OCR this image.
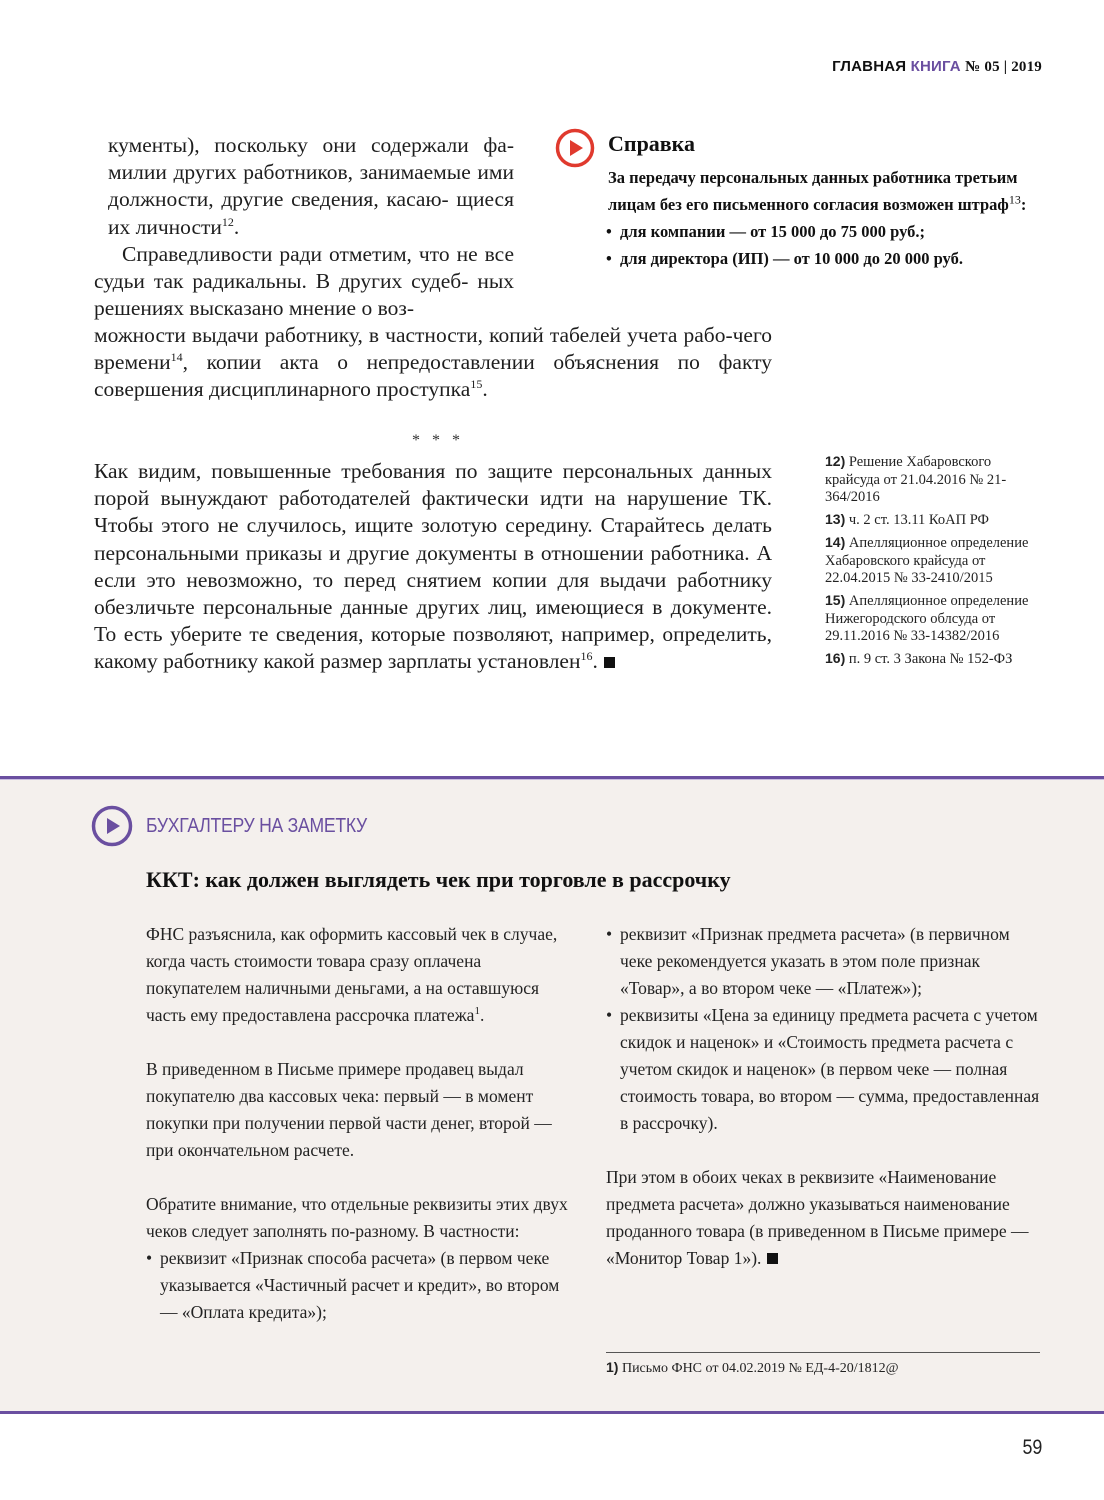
ГЛАВНАЯ КНИГА № 05 | 2019

кументы), поскольку они содержали фа- милии других работников, занимаемые ими должности, другие сведения, касаю- щиеся их личности$^{12}$.

Справедливости ради отметим, что не все судьи так радикальны. В других судеб- ных решениях высказано мнение о воз-

можности выдачи работнику, в частности, копий табелей учета рабо-чего времени$^{14}$, копии акта о непредоставлении объяснения по факту совершения дисциплинарного проступка$^{15}$.
* * *
Как видим, повышенные требования по защите персональных данных порой вынуждают работодателей фактически идти на нарушение ТК. Чтобы этого не случилось, ищите золотую середину. Старайтесь делать персональными приказы и другие документы в отношении работника. А если это невозможно, то перед снятием копии для выдачи работнику обезличьте персональные данные других лиц, имеющиеся в документе. То есть уберите те сведения, которые позволяют, например, определить, какому работнику какой размер зарплаты установлен$^{16}$.
Справка
За передачу персональных данных работника третьим лицам без его письменного согласия возможен штраф$^{13}$:
• для компании — от 15 000 до 75 000 руб.;
• для директора (ИП) — от 10 000 до 20 000 руб.
12) Решение Хабаровского крайсуда от 21.04.2016 № 21-364/2016
13) ч. 2 ст. 13.11 КоАП РФ
14) Апелляционное определение Хабаровского крайсуда от 22.04.2015 № 33-2410/2015
15) Апелляционное определение Нижегородского облсуда от 29.11.2016 № 33-14382/2016
16) п. 9 ст. 3 Закона № 152-ФЗ
БУХГАЛТЕРУ НА ЗАМЕТКУ
ККТ: как должен выглядеть чек при торговле в рассрочку

ФНС разъяснила, как оформить кассовый чек в случае, когда часть стоимости товара сразу оплачена покупателем наличными деньгами, а на оставшуюся часть ему предоставлена рассрочка платежа$^1$.

В приведенном в Письме примере продавец выдал покупателю два кассовых чека: первый — в момент покупки при получении первой части денег, второй — при окончательном расчете.

Обратите внимание, что отдельные реквизиты этих двух чеков следует заполнять по-разному. В частности:

• реквизит «Признак способа расчета» (в первом чеке указывается «Частичный расчет и кредит», во втором — «Оплата кредита»);
• реквизит «Признак предмета расчета» (в первичном чеке рекомендуется указать в этом поле признак «Товар», а во втором чеке — «Платеж»);
• реквизиты «Цена за единицу предмета расчета с учетом скидок и наценок» и «Стоимость предмета расчета с учетом скидок и наценок» (в первом чеке — полная стоимость товара, во втором — сумма, предоставленная в рассрочку).

При этом в обоих чеках в реквизите «Наименование предмета расчета» должно указываться наименование проданного товара (в приведенном в Письме примере — «Монитор Товар 1»).

1) Письмо ФНС от 04.02.2019 № ЕД-4-20/1812@
59
